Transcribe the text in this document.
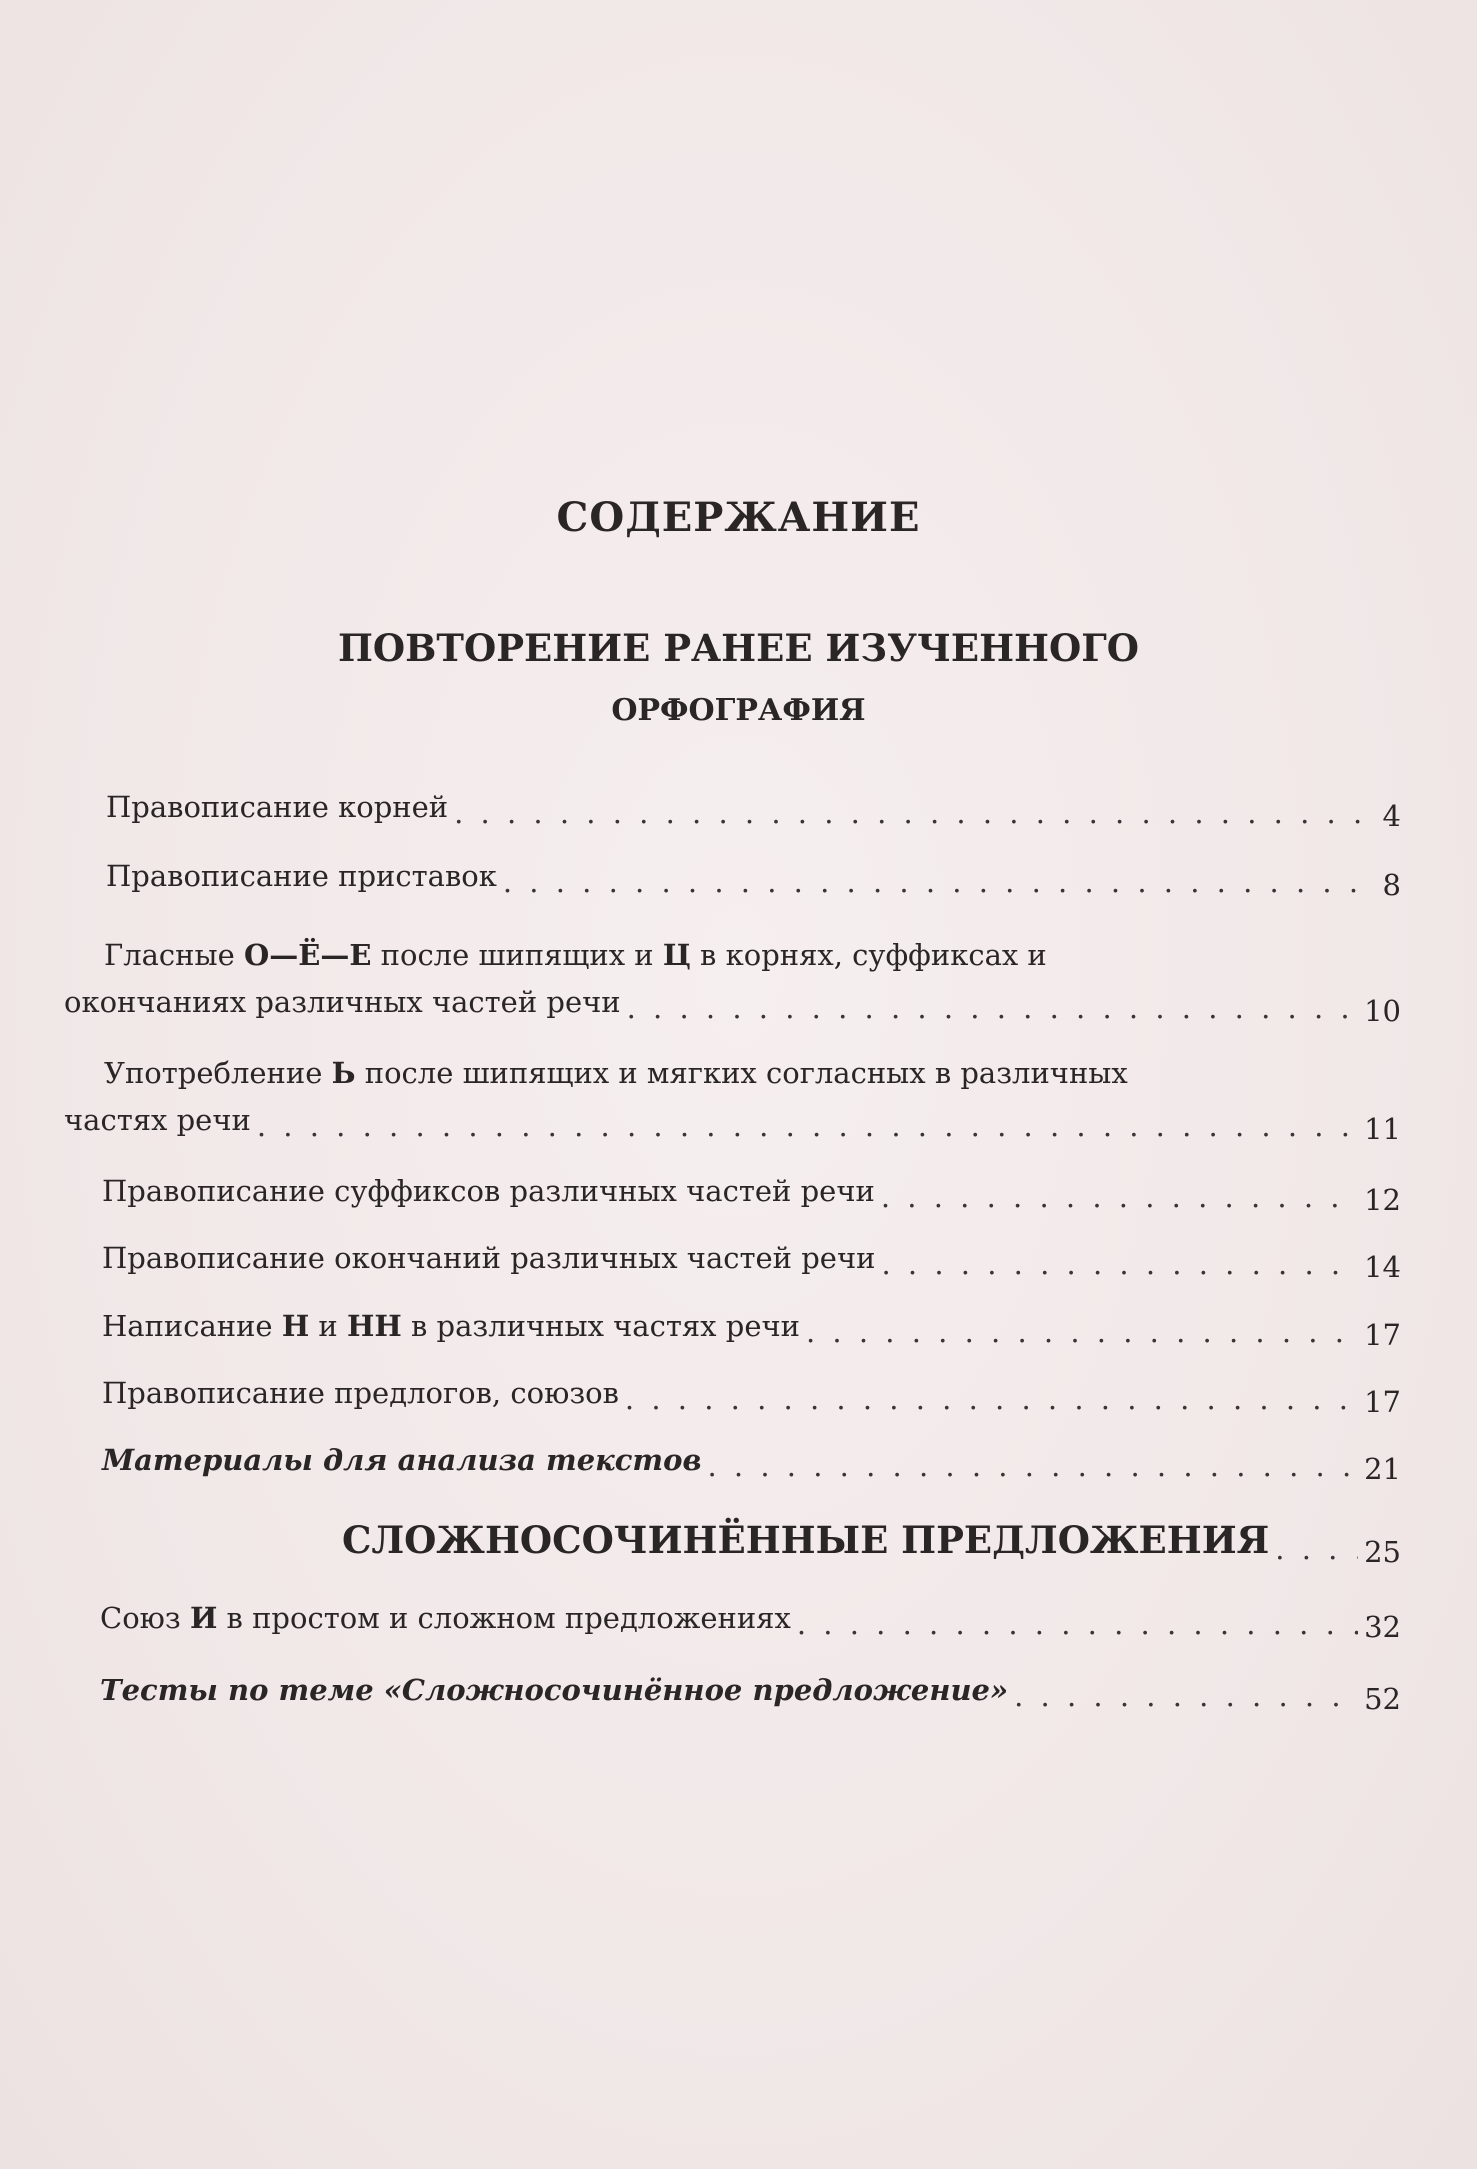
СОДЕРЖАНИЕ
ПОВТОРЕНИЕ РАНЕЕ ИЗУЧЕННОГО
ОРФОГРАФИЯ
Правописание корней . . .	4
Правописание приставок . . .	8
Гласные О—Ё—Е после шипящих и Ц в корнях, суффиксах и
окончаниях различных частей речи . . .	10
Употребление Ь после шипящих и мягких согласных в различных
частях речи . . .	11
Правописание суффиксов различных частей речи . . .	12
Правописание окончаний различных частей речи . . .	14
Написание Н и НН в различных частях речи . . .	17
Правописание предлогов, союзов . . .	17
Материалы для анализа текстов . . .	21
СЛОЖНОСОЧИНЁННЫЕ ПРЕДЛОЖЕНИЯ . . .	25
Союз И в простом и сложном предложениях . . .	32
Тесты по теме «Сложносочинённое предложение» . . .	52
